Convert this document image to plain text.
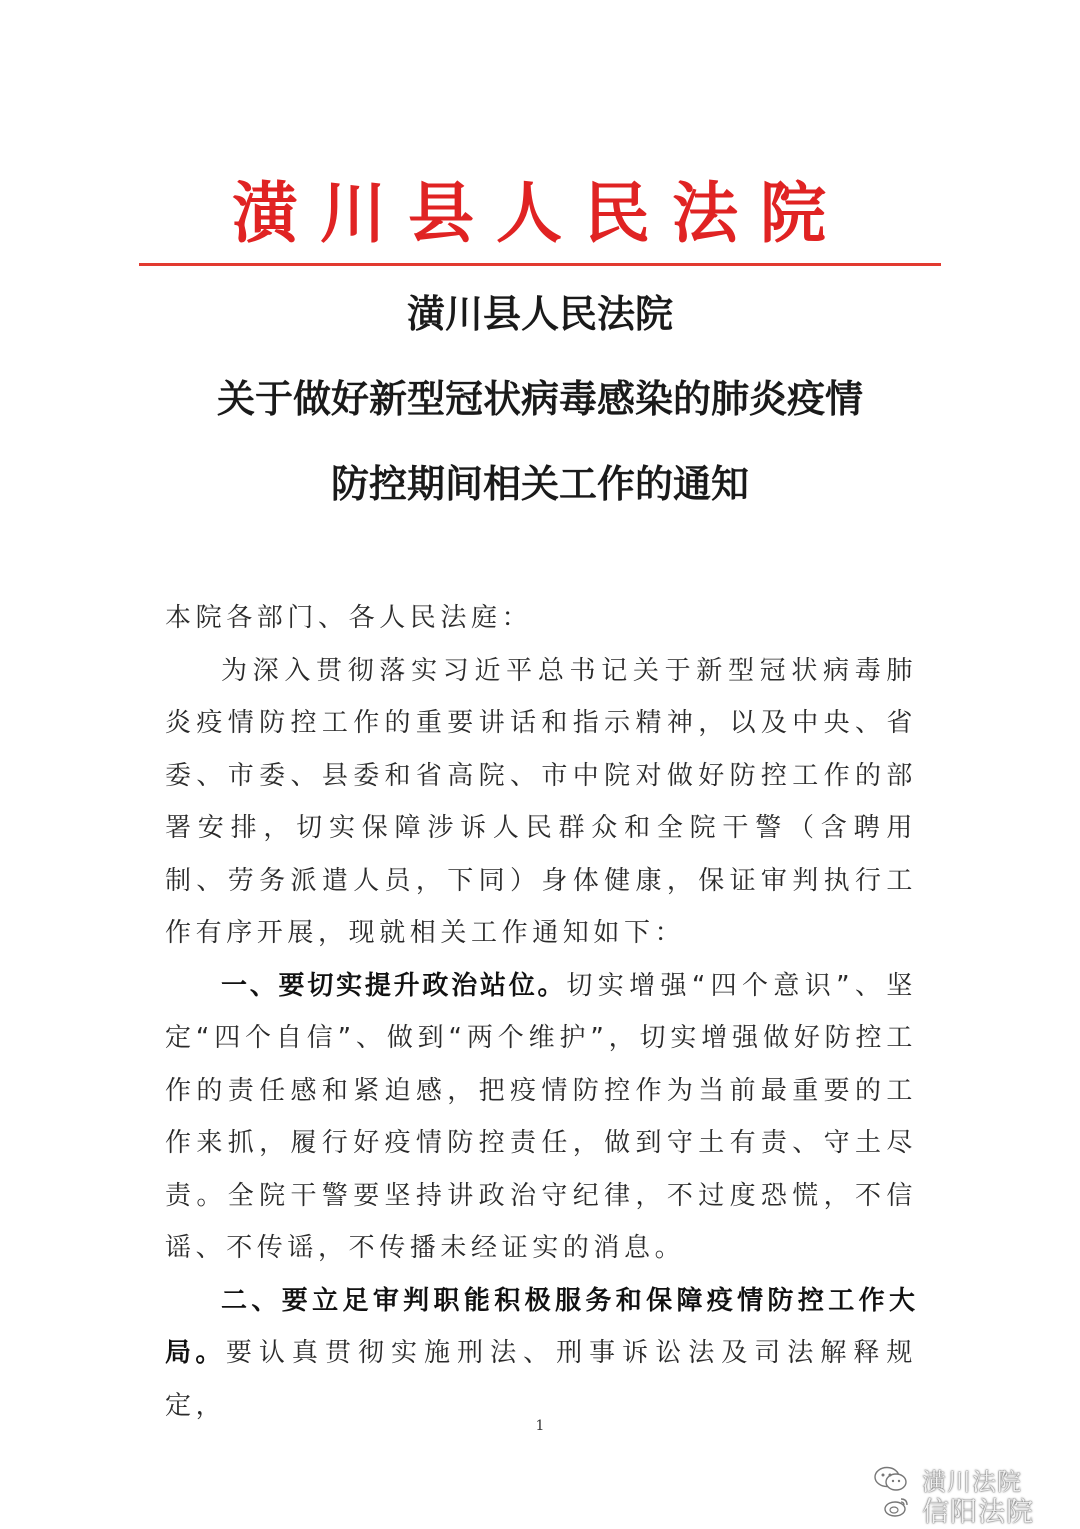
潢川县人民法院
潢川县人民法院
关于做好新型冠状病毒感染的肺炎疫情
防控期间相关工作的通知

本院各部门、各人民法庭：

为深入贯彻落实习近平总书记关于新型冠状病毒肺炎疫情防控工作的重要讲话和指示精神，以及中央、省委、市委、县委和省高院、市中院对做好防控工作的部署安排，切实保障涉诉人民群众和全院干警（含聘用制、劳务派遣人员，下同）身体健康，保证审判执行工作有序开展，现就相关工作通知如下：

一、要切实提升政治站位。切实增强“四个意识”、坚定“四个自信”、做到“两个维护”，切实增强做好防控工作的责任感和紧迫感，把疫情防控作为当前最重要的工作来抓，履行好疫情防控责任，做到守土有责、守土尽责。全院干警要坚持讲政治守纪律，不过度恐慌，不信谣、不传谣，不传播未经证实的消息。

二、要立足审判职能积极服务和保障疫情防控工作大局。要认真贯彻实施刑法、刑事诉讼法及司法解释规定，

1
潢川法院
信阳法院
